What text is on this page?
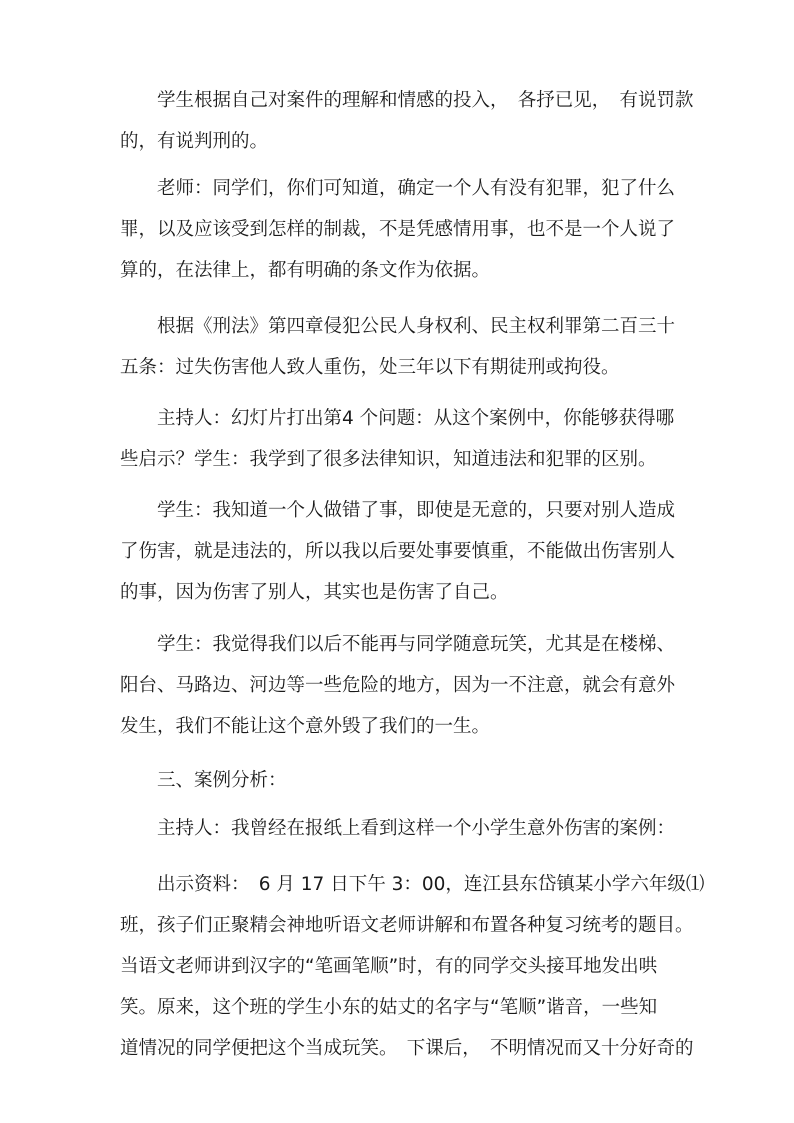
　　学生根据自己对案件的理解和情感的投入，　各抒已见，　有说罚款
的，有说判刑的。
　　老师：同学们，你们可知道，确定一个人有没有犯罪，犯了什么
罪，以及应该受到怎样的制裁，不是凭感情用事，也不是一个人说了
算的，在法律上，都有明确的条文作为依据。
　　根据《刑法》第四章侵犯公民人身权利、民主权利罪第二百三十
五条：过失伤害他人致人重伤，处三年以下有期徒刑或拘役。
　　主持人：幻灯片打出第4 个问题：从这个案例中，你能够获得哪
些启示？学生：我学到了很多法律知识，知道违法和犯罪的区别。
　　学生：我知道一个人做错了事，即使是无意的，只要对别人造成
了伤害，就是违法的，所以我以后要处事要慎重，不能做出伤害别人
的事，因为伤害了别人，其实也是伤害了自己。
　　学生：我觉得我们以后不能再与同学随意玩笑，尤其是在楼梯、
阳台、马路边、河边等一些危险的地方，因为一不注意，就会有意外
发生，我们不能让这个意外毁了我们的一生。
　　三、案例分析：
　　主持人：我曾经在报纸上看到这样一个小学生意外伤害的案例：
　　出示资料：　6 月 17 日下午 3：00，连江县东岱镇某小学六年级⑴
班，孩子们正聚精会神地听语文老师讲解和布置各种复习统考的题目。
当语文老师讲到汉字的“笔画笔顺”时，有的同学交头接耳地发出哄
笑。原来，这个班的学生小东的姑丈的名字与“笔顺”谐音，一些知
道情况的同学便把这个当成玩笑。　下课后，　不明情况而又十分好奇的
